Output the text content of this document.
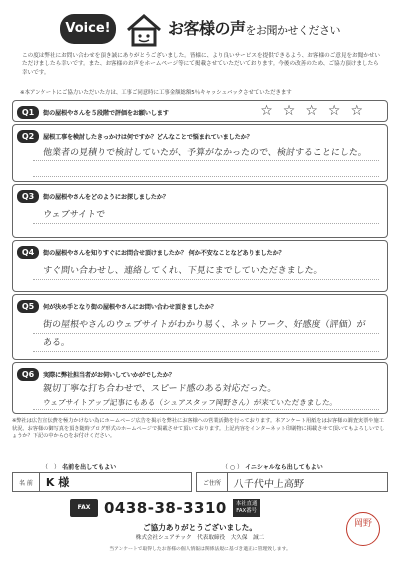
Voice!	お客様の声をお聞かせください
この度は弊社にお問い合わせを頂き誠にありがとうございました。皆様に、より良いサービスを提供できるよう、お客様のご意見をお聞かせいただけましたら幸いです。また、お客様のお声をホームページ等にて掲載させていただいております。今後の改善のため、ご協力頂けましたら幸いです。
※本アンケートにご協力いただいた方は、工事ご同意時に工事金額総額5％キャッシュバックさせていただきます
Q1	街の屋根やさんを５段階で評価をお願いします	☆☆☆☆☆
Q2	屋根工事を検討したきっかけは何ですか？どんなことで悩まれていましたか？
他業者の見積りで検討していたが、予算がなかったので、検討することにした。
Q3	街の屋根やさんをどのようにお探しましたか？
ウェブサイトで
Q4	街の屋根やさんを知りすぐにお問合せ頂けましたか？ 何か不安なことなどありましたか？
すぐ問い合わせし、連絡してくれ、下見にまでしていただきました。
Q5	何が決め手となり街の屋根やさんにお問い合わせ頂きましたか？
街の屋根やさんのウェブサイトがわかり易く、ネットワーク、好感度（評価）が
ある。
Q6	実際に弊社担当者がお伺いしていかがでしたか？
親切丁寧な打ち合わせで、スピード感のある対応だった。
ウェブサイトアップ記事にもある（シュアスタッフ岡野さん）が来ていただきました。
※弊社は広告宣伝費を極力かけない為にホームページ広告を掲示を弊社にお客様への営業活動を行っております。本アンケート用紙をはお客様の調査実票や施工状況、お客様の御写真を頂き随時ブログ形式のホームページで掲載させて頂いております。上記内容をインターネット印刷物に掲載させて頂いてもよろしいでしょうか？下記の中から○をお付けください。
（　） 名前を出してもよい	（ ○ ） イニシャルなら出してもよい
名 前	K 様	ご住所	八千代中上高野
FAX 0438-38-3310 本社直通
FAX番号
ご協力ありがとうございました。
株式会社シュアテック　代表取締役　大久保　誠二
当アンケートで取得したお客様の個人情報は関係法規に基づき適正に管理致します。
岡野
